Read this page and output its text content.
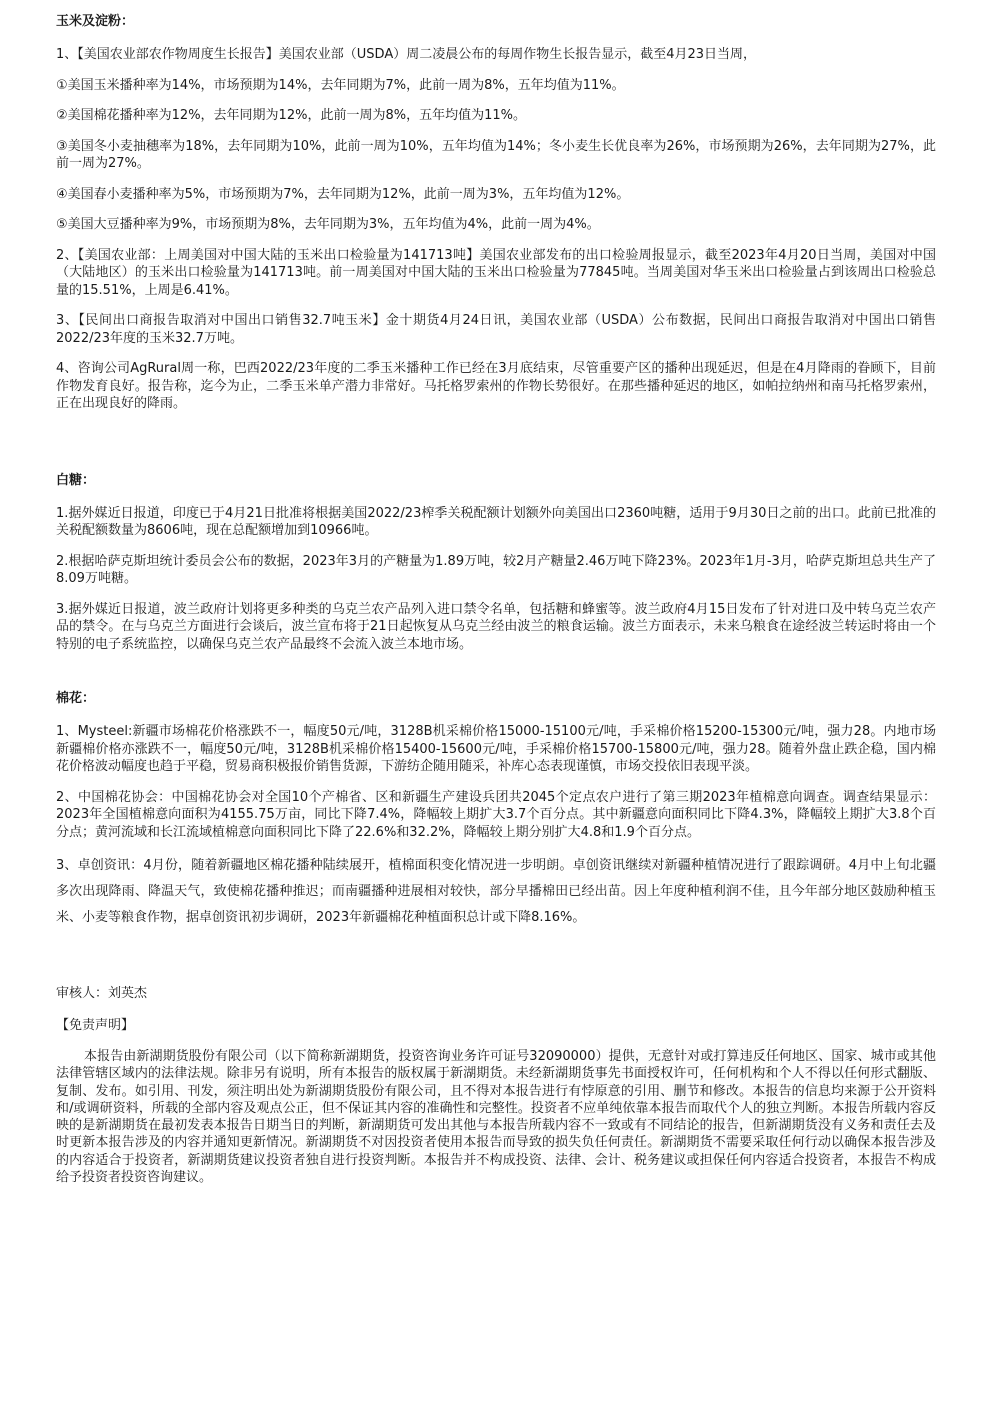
玉米及淀粉：

1、【美国农业部农作物周度生长报告】美国农业部（USDA）周二凌晨公布的每周作物生长报告显示，截至4月23日当周，

①美国玉米播种率为14%，市场预期为14%，去年同期为7%，此前一周为8%，五年均值为11%。

②美国棉花播种率为12%，去年同期为12%，此前一周为8%，五年均值为11%。

③美国冬小麦抽穗率为18%，去年同期为10%，此前一周为10%，五年均值为14%；冬小麦生长优良率为26%，市场预期为26%，去年同期为27%，此前一周为27%。

④美国春小麦播种率为5%，市场预期为7%，去年同期为12%，此前一周为3%，五年均值为12%。

⑤美国大豆播种率为9%，市场预期为8%，去年同期为3%，五年均值为4%，此前一周为4%。

2、【美国农业部：上周美国对中国大陆的玉米出口检验量为141713吨】美国农业部发布的出口检验周报显示，截至2023年4月20日当周，美国对中国（大陆地区）的玉米出口检验量为141713吨。前一周美国对中国大陆的玉米出口检验量为77845吨。当周美国对华玉米出口检验量占到该周出口检验总量的15.51%，上周是6.41%。

3、【民间出口商报告取消对中国出口销售32.7吨玉米】金十期货4月24日讯，美国农业部（USDA）公布数据，民间出口商报告取消对中国出口销售2022/23年度的玉米32.7万吨。

4、咨询公司AgRural周一称，巴西2022/23年度的二季玉米播种工作已经在3月底结束，尽管重要产区的播种出现延迟，但是在4月降雨的眷顾下，目前作物发育良好。报告称，迄今为止，二季玉米单产潜力非常好。马托格罗索州的作物长势很好。在那些播种延迟的地区，如帕拉纳州和南马托格罗索州，正在出现良好的降雨。

白糖：

1.据外媒近日报道，印度已于4月21日批准将根据美国2022/23榨季关税配额计划额外向美国出口2360吨糖，适用于9月30日之前的出口。此前已批准的关税配额数量为8606吨，现在总配额增加到10966吨。

2.根据哈萨克斯坦统计委员会公布的数据，2023年3月的产糖量为1.89万吨，较2月产糖量2.46万吨下降23%。2023年1月-3月，哈萨克斯坦总共生产了8.09万吨糖。

3.据外媒近日报道，波兰政府计划将更多种类的乌克兰农产品列入进口禁令名单，包括糖和蜂蜜等。波兰政府4月15日发布了针对进口及中转乌克兰农产品的禁令。在与乌克兰方面进行会谈后，波兰宣布将于21日起恢复从乌克兰经由波兰的粮食运输。波兰方面表示，未来乌粮食在途经波兰转运时将由一个特别的电子系统监控，以确保乌克兰农产品最终不会流入波兰本地市场。

棉花：

1、Mysteel:新疆市场棉花价格涨跌不一，幅度50元/吨，3128B机采棉价格15000-15100元/吨，手采棉价格15200-15300元/吨，强力28。内地市场新疆棉价格亦涨跌不一，幅度50元/吨，3128B机采棉价格15400-15600元/吨，手采棉价格15700-15800元/吨，强力28。随着外盘止跌企稳，国内棉花价格波动幅度也趋于平稳，贸易商积极报价销售货源，下游纺企随用随采，补库心态表现谨慎，市场交投依旧表现平淡。

2、中国棉花协会：中国棉花协会对全国10个产棉省、区和新疆生产建设兵团共2045个定点农户进行了第三期2023年植棉意向调查。调查结果显示：2023年全国植棉意向面积为4155.75万亩，同比下降7.4%，降幅较上期扩大3.7个百分点。其中新疆意向面积同比下降4.3%，降幅较上期扩大3.8个百分点；黄河流域和长江流域植棉意向面积同比下降了22.6%和32.2%，降幅较上期分别扩大4.8和1.9个百分点。

3、卓创资讯：4月份，随着新疆地区棉花播种陆续展开，植棉面积变化情况进一步明朗。卓创资讯继续对新疆种植情况进行了跟踪调研。4月中上旬北疆多次出现降雨、降温天气，致使棉花播种推迟；而南疆播种进展相对较快，部分早播棉田已经出苗。因上年度种植利润不佳，且今年部分地区鼓励种植玉米、小麦等粮食作物，据卓创资讯初步调研，2023年新疆棉花种植面积总计或下降8.16%。

审核人：刘英杰

【免责声明】

本报告由新湖期货股份有限公司（以下简称新湖期货，投资咨询业务许可证号32090000）提供，无意针对或打算违反任何地区、国家、城市或其他法律管辖区域内的法律法规。除非另有说明，所有本报告的版权属于新湖期货。未经新湖期货事先书面授权许可，任何机构和个人不得以任何形式翻版、复制、发布。如引用、刊发，须注明出处为新湖期货股份有限公司，且不得对本报告进行有悖原意的引用、删节和修改。本报告的信息均来源于公开资料和/或调研资料，所载的全部内容及观点公正，但不保证其内容的准确性和完整性。投资者不应单纯依靠本报告而取代个人的独立判断。本报告所载内容反映的是新湖期货在最初发表本报告日期当日的判断，新湖期货可发出其他与本报告所载内容不一致或有不同结论的报告，但新湖期货没有义务和责任去及时更新本报告涉及的内容并通知更新情况。新湖期货不对因投资者使用本报告而导致的损失负任何责任。新湖期货不需要采取任何行动以确保本报告涉及的内容适合于投资者，新湖期货建议投资者独自进行投资判断。本报告并不构成投资、法律、会计、税务建议或担保任何内容适合投资者，本报告不构成给予投资者投资咨询建议。
